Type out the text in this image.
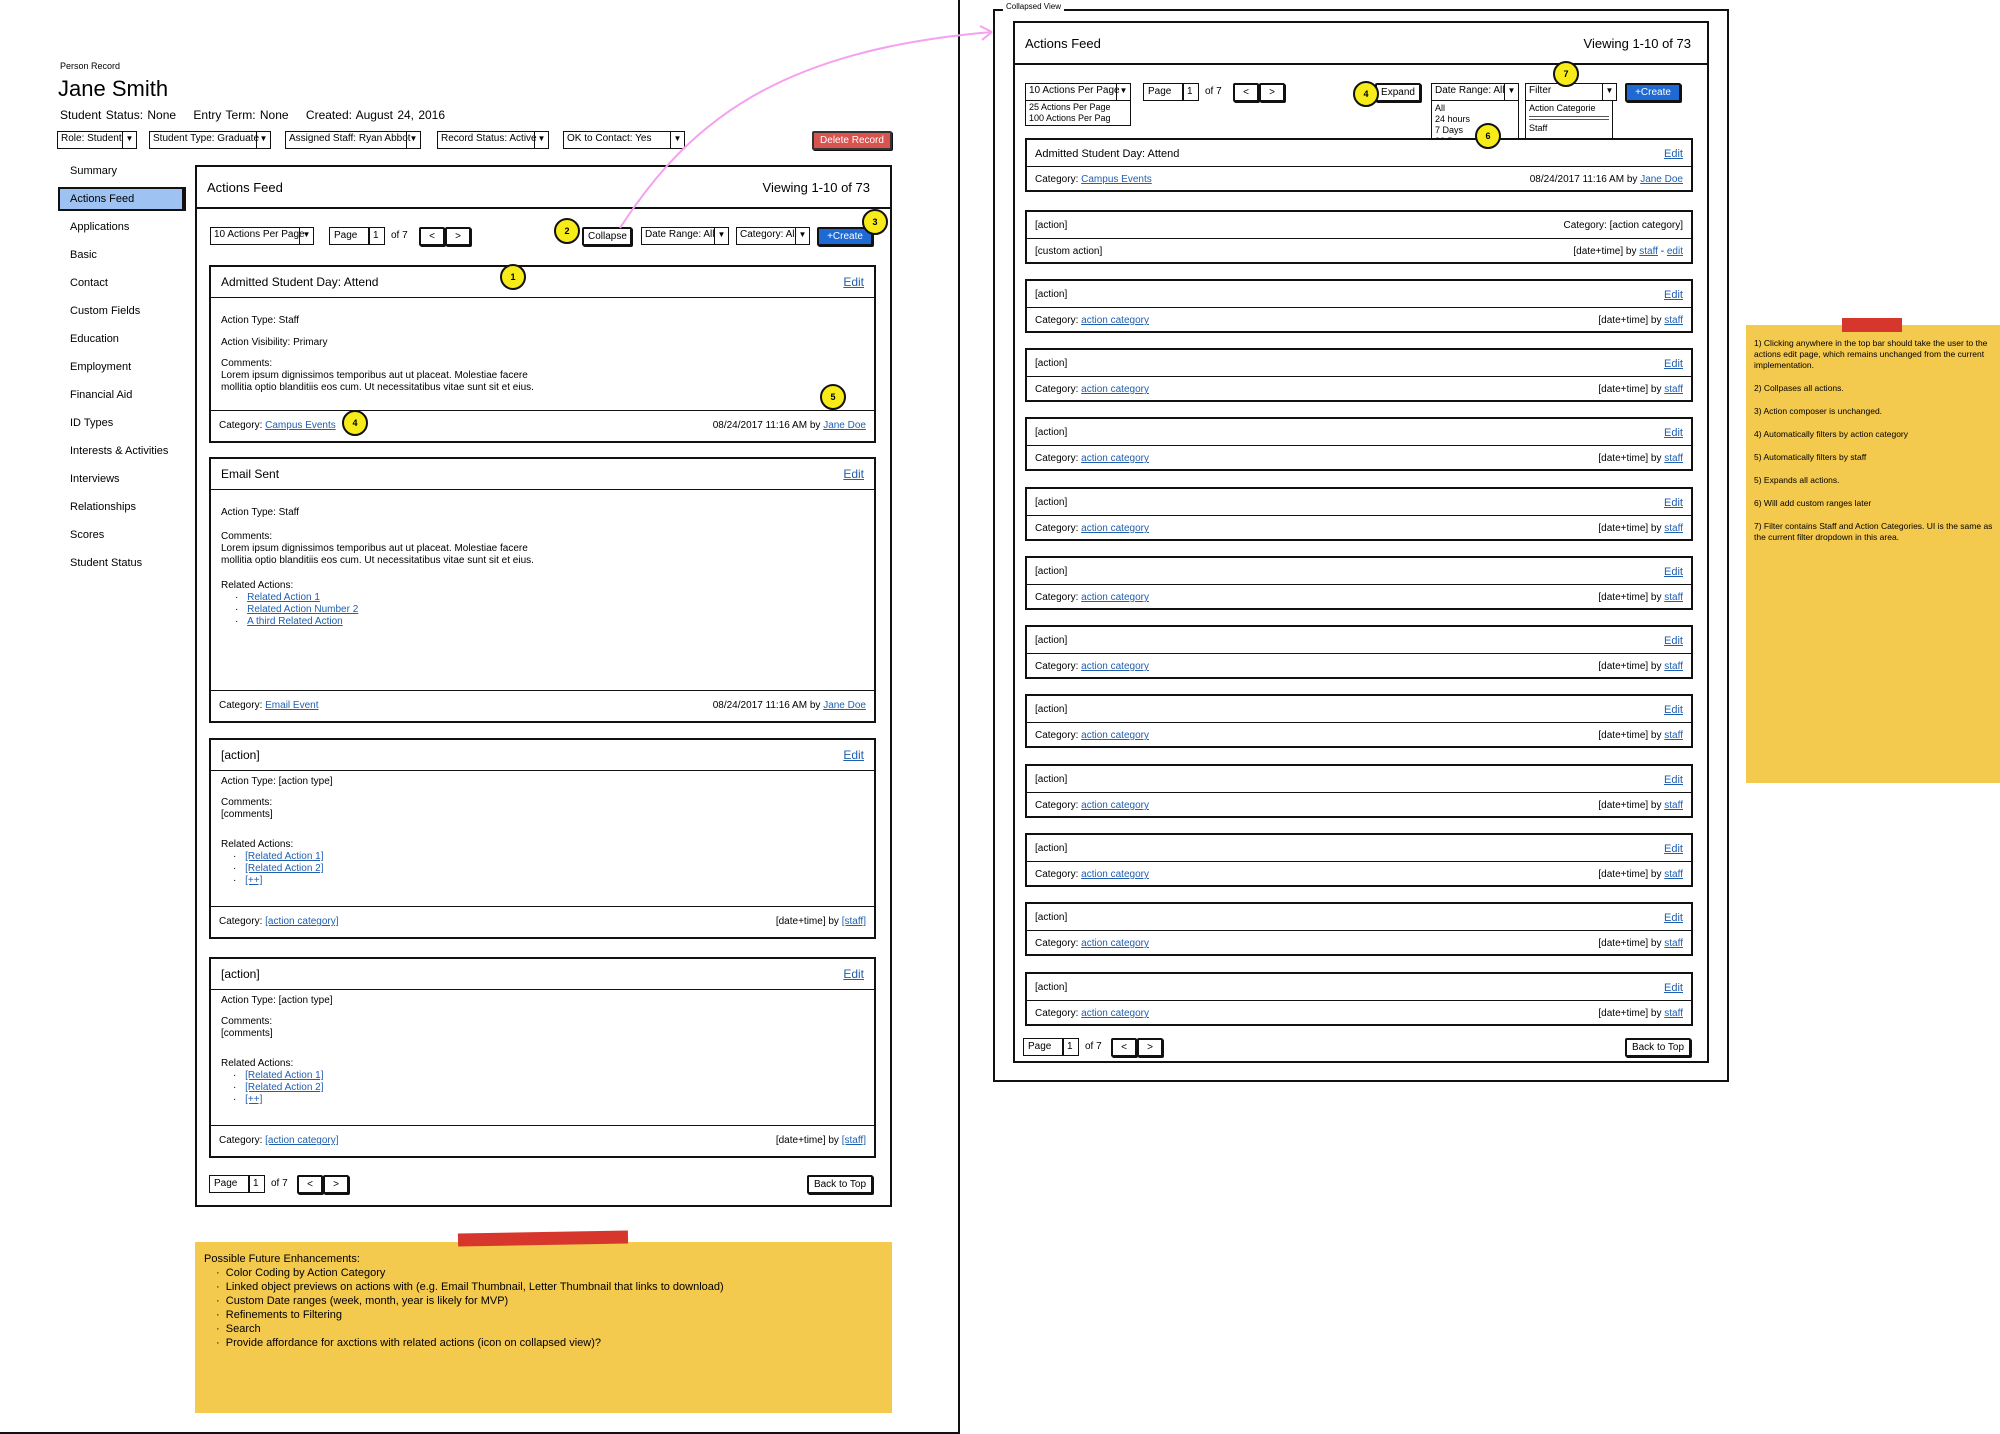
Person Record
Jane Smith
Student Status: None Entry Term: None Created: August 24, 2016
Role: Student ▼	Student Type: Graduate ▼	Assigned Staff: Ryan Abbot
▼	Record Status: Active ▼	OK to Contact: Yes	▼	Delete Record
Summary
Actions Feed
Applications
Basic
Contact
Custom Fields
Education
Employment
Financial Aid
ID Types
Interests & Activities
Interviews
Relationships
Scores
Student Status
Actions Feed	Viewing 1-10 of 73
10 Actions Per Page
▼	Page	1	of 7	<	>	Collapse	Date Range: All ▼	Category: All ▼	+Create
Admitted Student Day: Attend	Edit
Action Type: Staff
Action Visibility: Primary
Comments:
Lorem ipsum dignissimos temporibus aut ut placeat. Molestiae facere
mollitia optio blanditiis eos cum. Ut necessitatibus vitae sunt sit et eius.
Category: Campus Events	08/24/2017 11:16 AM by Jane Doe
Email Sent	Edit
Action Type: Staff
Comments:
Lorem ipsum dignissimos temporibus aut ut placeat. Molestiae facere
mollitia optio blanditiis eos cum. Ut necessitatibus vitae sunt sit et eius.
Related Actions:
· Related Action 1
· Related Action Number 2
· A third Related Action
Category: Email Event	08/24/2017 11:16 AM by Jane Doe
[action]	Edit
Action Type: [action type]
Comments:
[comments]
Related Actions:
· [Related Action 1]
· [Related Action 2]
· [++]
Category: [action category]	[date+time] by [staff]
[action]	Edit
Action Type: [action type]
Comments:
[comments]
Related Actions:
· [Related Action 1]
· [Related Action 2]
· [++]
Category: [action category]	[date+time] by [staff]
Page	1	of 7	<	>	Back to Top
1
2
3
4
5
Possible Future Enhancements:
·  Color Coding by Action Category
·  Linked object previews on actions with (e.g. Email Thumbnail, Letter Thumbnail that links to download)
·  Custom Date ranges (week, month, year is likely for MVP)
·  Refinements to Filtering
·  Search
·  Provide affordance for axctions with related actions (icon on collapsed view)?
Collapsed View
Actions Feed	Viewing 1-10 of 73
10 Actions Per Page ▼
25 Actions Per Page
100 Actions Per Pag
Page	1	of 7	<	>	Expand	Date Range: All ▼
All
24 hours
7 Days
Filter	▼
Action Categorie
Staff
+Create
Admitted Student Day: Attend	Edit
Category: Campus Events	08/24/2017 11:16 AM by Jane Doe
[action]	Category: [action category]
[custom action]	[date+time] by staff - edit
[action]	Edit
Category: action category	[date+time] by staff
[action]	Edit
Category: action category	[date+time] by staff
[action]	Edit
Category: action category	[date+time] by staff
[action]	Edit
Category: action category	[date+time] by staff
[action]	Edit
Category: action category	[date+time] by staff
[action]	Edit
Category: action category	[date+time] by staff
[action]	Edit
Category: action category	[date+time] by staff
[action]	Edit
Category: action category	[date+time] by staff
[action]	Edit
Category: action category	[date+time] by staff
[action]	Edit
Category: action category	[date+time] by staff
[action]	Edit
Category: action category	[date+time] by staff
Page	1	of 7	<	>	Back to Top
4
6
7
1) Clicking anywhere in the top bar should take the user to the actions edit page, which remains unchanged from the current implementation.
2) Collpases all actions.
3) Action composer is unchanged.
4) Automatically filters by action category
5) Automatically filters by staff
5) Expands all actions.
6) Will add custom ranges later
7) Filter contains Staff and Action Categories. UI is the same as the current filter dropdown in this area.
